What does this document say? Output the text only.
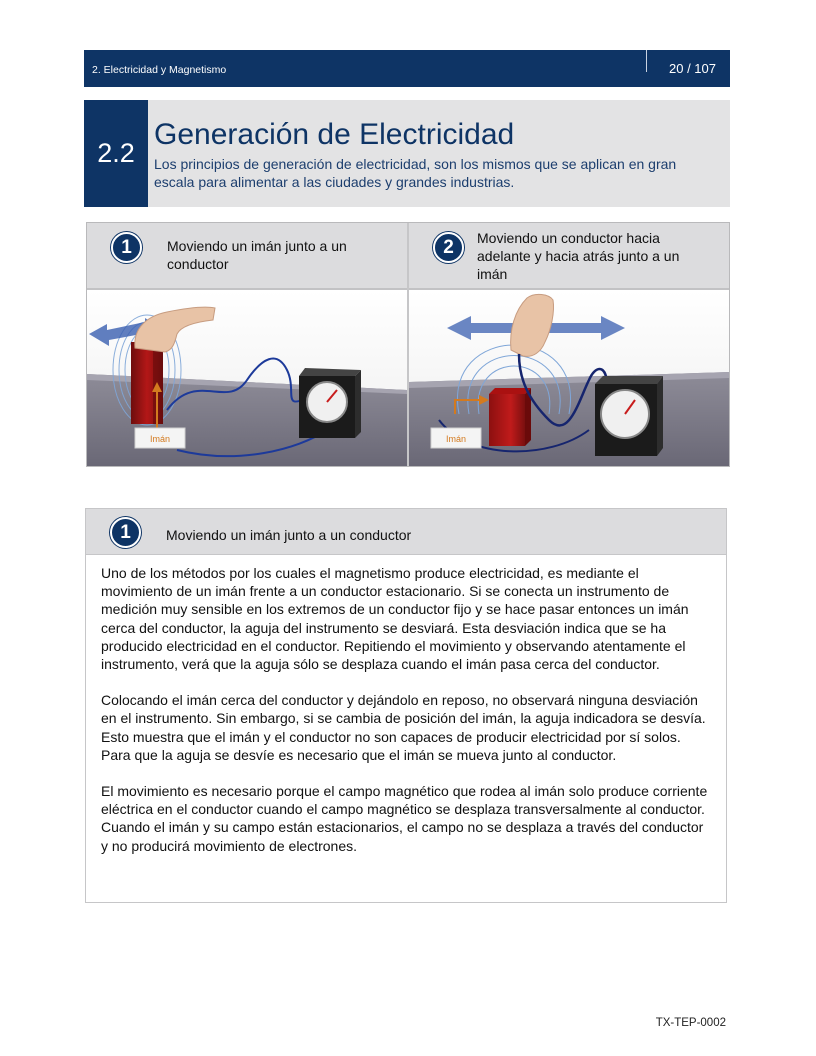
2. Electricidad y Magnetismo	20 / 107
2.2
Generación de Electricidad
Los principios de generación de electricidad, son los mismos que se aplican en gran escala para alimentar a las ciudades y grandes industrias.
1	Moviendo un imán junto a un conductor
Imán
2	Moviendo un conductor hacia adelante y hacia atrás junto a un imán
Imán
1	Moviendo un imán junto a un conductor

Uno de los métodos por los cuales el magnetismo produce electricidad, es mediante el movimiento de un imán frente a un conductor estacionario. Si se conecta un instrumento de medición muy sensible en los extremos de un conductor fijo y se hace pasar entonces un imán cerca del conductor, la aguja del instrumento se desviará. Esta desviación indica que se ha producido electricidad en el conductor. Repitiendo el movimiento y observando atentamente el instrumento, verá que la aguja sólo se desplaza cuando el imán pasa cerca del conductor.

Colocando el imán cerca del conductor y dejándolo en reposo, no observará ninguna desviación en el instrumento. Sin embargo, si se cambia de posición del imán, la aguja indicadora se desvía. Esto muestra que el imán y el conductor no son capaces de producir electricidad por sí solos. Para que la aguja se desvíe es necesario que el imán se mueva junto al conductor.

El movimiento es necesario porque el campo magnético que rodea al imán solo produce corriente eléctrica en el conductor cuando el campo magnético se desplaza transversalmente al conductor. Cuando el imán y su campo están estacionarios, el campo no se desplaza a través del conductor y no producirá movimiento de electrones.

TX-TEP-0002
